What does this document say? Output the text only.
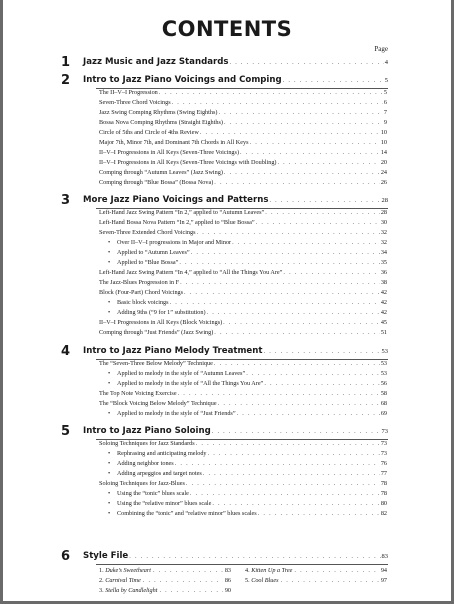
CONTENTS
Page
1 Jazz Music and Jazz Standards . . .	4
2 Intro to Jazz Piano Voicings and Comping . . .	5
The II–V–I Progression . . .	5
Seven-Three Chord Voicings . . .	6
Jazz Swing Comping Rhythms (Swing Eighths) . . .	7
Bossa Nova Comping Rhythms (Straight Eighths) . . .	9
Circle of 5ths and Circle of 4ths Review . . .	10
Major 7th, Minor 7th, and Dominant 7th Chords in All Keys . . .	10
II–V–I Progressions in All Keys (Seven-Three Voicings) . . .	14
II–V–I Progressions in All Keys (Seven-Three Voicings with Doubling) . . .	20
Comping through “Autumn Leaves” (Jazz Swing) . . .	24
Comping through “Blue Bossa” (Bossa Nova) . . .	26
3 More Jazz Piano Voicings and Patterns . . .	28
Left-Hand Jazz Swing Pattern “In 2,” applied to “Autumn Leaves” . . .	28
Left-Hand Bossa Nova Pattern “In 2,” applied to “Blue Bossa” . . .	30
Seven-Three Extended Chord Voicings . . .	32
•	Over II–V–I progressions in Major and Minor . . .	32
•	Applied to “Autumn Leaves” . . .	34
•	Applied to “Blue Bossa” . . .	35
Left-Hand Jazz Swing Pattern “In 4,” applied to “All the Things You Are” . . .	36
The Jazz-Blues Progression in F . . .	38
Block (Four-Part) Chord Voicings . . .	42
•	Basic block voicings . . .	42
•	Adding 9ths (“9 for 1” substitution) . . .	42
II–V–I Progressions in All Keys (Block Voicings) . . .	45
Comping through “Just Friends” (Jazz Swing) . . .	51
4 Intro to Jazz Piano Melody Treatment . . .	53
The “Seven-Three Below Melody” Technique . . .	53
•	Applied to melody in the style of “Autumn Leaves” . . .	53
•	Applied to melody in the style of “All the Things You Are” . . .	56
The Top Note Voicing Exercise . . .	58
The “Block Voicing Below Melody” Technique . . .	68
•	Applied to melody in the style of “Just Friends” . . .	69
5 Intro to Jazz Piano Soloing . . .	73
Soloing Techniques for Jazz Standards . . .	73
•	Rephrasing and anticipating melody . . .	73
•	Adding neighbor tones . . .	76
•	Adding arpeggios and target notes . . .	77
Soloing Techniques for Jazz-Blues . . .	78
•	Using the “tonic” blues scale . . .	78
•	Using the “relative minor” blues scale . . .	80
•	Combining the “tonic” and “relative minor” blues scales . . .	82
6 Style File . . .	83
1.
Duke’s Sweetheart . . .	83
2.
Carnival Time . . .	86
3.
Stella by Candlelight . . .	90
4.
Kitten Up a Tree . . .	94
5.
Cool Blues . . .	97
